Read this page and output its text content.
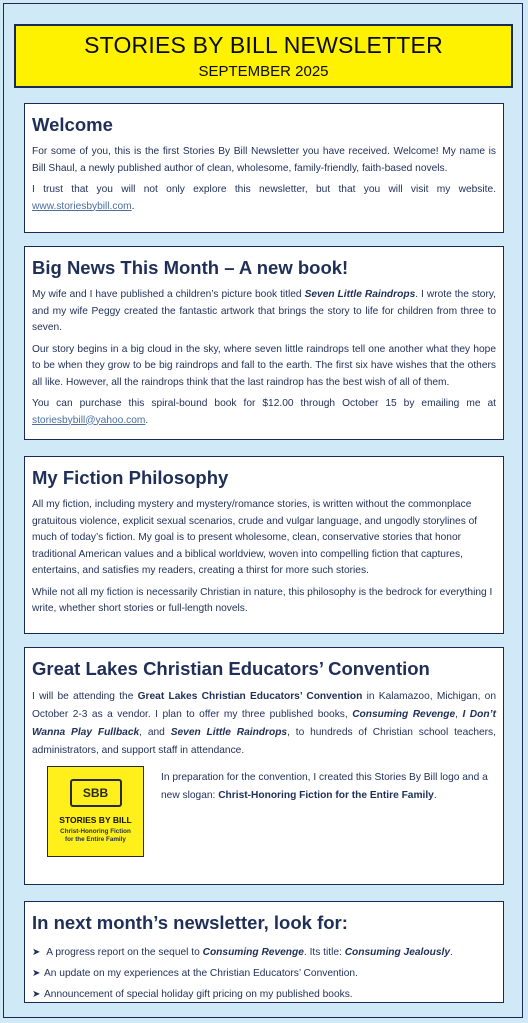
STORIES BY BILL NEWSLETTER
SEPTEMBER 2025
Welcome

For some of you, this is the first Stories By Bill Newsletter you have received. Welcome! My name is Bill Shaul, a newly published author of clean, wholesome, family-friendly, faith-based novels.

I trust that you will not only explore this newsletter, but that you will visit my website. www.storiesbybill.com.

Big News This Month – A new book!

My wife and I have published a children’s picture book titled Seven Little Raindrops. I wrote the story, and my wife Peggy created the fantastic artwork that brings the story to life for children from three to seven.

Our story begins in a big cloud in the sky, where seven little raindrops tell one another what they hope to be when they grow to be big raindrops and fall to the earth. The first six have wishes that the others all like. However, all the raindrops think that the last raindrop has the best wish of all of them.

You can purchase this spiral-bound book for $12.00 through October 15 by emailing me at storiesbybill@yahoo.com.

My Fiction Philosophy

All my fiction, including mystery and mystery/romance stories, is written without the commonplace gratuitous violence, explicit sexual scenarios, crude and vulgar language, and ungodly storylines of much of today’s fiction. My goal is to present wholesome, clean, conservative stories that honor traditional American values and a biblical worldview, woven into compelling fiction that captures, entertains, and satisfies my readers, creating a thirst for more such stories.

While not all my fiction is necessarily Christian in nature, this philosophy is the bedrock for everything I write, whether short stories or full-length novels.

Great Lakes Christian Educators’ Convention

I will be attending the Great Lakes Christian Educators’ Convention in Kalamazoo, Michigan, on October 2-3 as a vendor. I plan to offer my three published books, Consuming Revenge, I Don’t Wanna Play Fullback, and Seven Little Raindrops, to hundreds of Christian school teachers, administrators, and support staff in attendance.

SBB
STORIES BY BILL
Christ-Honoring Fiction
for the Entire Family
In preparation for the convention, I created this Stories By Bill logo and a new slogan: Christ-Honoring Fiction for the Entire Family.
In next month’s newsletter, look for:
➤ A progress report on the sequel to Consuming Revenge. Its title: Consuming Jealously.
➤ An update on my experiences at the Christian Educators’ Convention.
➤ Announcement of special holiday gift pricing on my published books.
